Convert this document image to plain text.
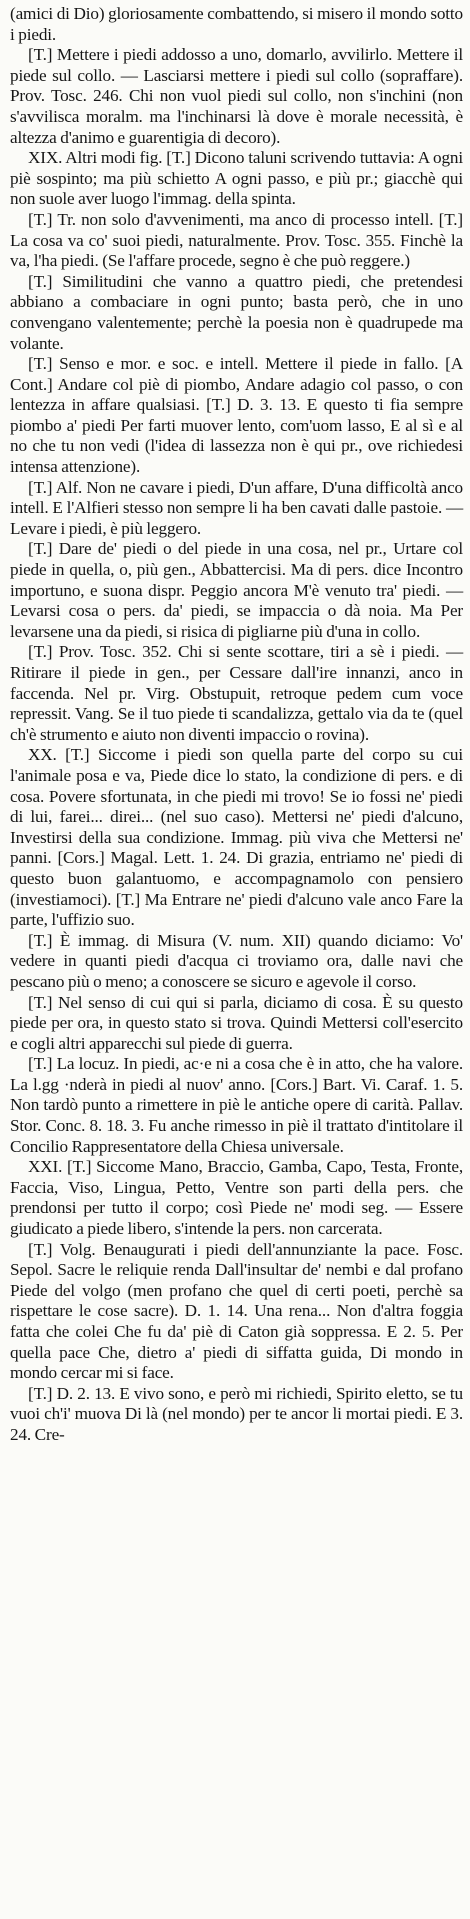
(amici di Dio) gloriosamente combattendo, si misero il mondo sotto i piedi.

[T.] Mettere i piedi addosso a uno, domarlo, avvilirlo. Mettere il piede sul collo. — Lasciarsi mettere i piedi sul collo (sopraffare). Prov. Tosc. 246. Chi non vuol piedi sul collo, non s'inchini (non s'avvilisca moralm. ma l'inchinarsi là dove è morale necessità, è altezza d'animo e guarentigia di decoro).

XIX. Altri modi fig. [T.] Dicono taluni scrivendo tuttavia: A ogni piè sospinto; ma più schietto A ogni passo, e più pr.; giacchè qui non suole aver luogo l'immag. della spinta.

[T.] Tr. non solo d'avvenimenti, ma anco di processo intell. [T.] La cosa va co' suoi piedi, naturalmente. Prov. Tosc. 355. Finchè la va, l'ha piedi. (Se l'affare procede, segno è che può reggere.)

[T.] Similitudini che vanno a quattro piedi, che pretendesi abbiano a combaciare in ogni punto; basta però, che in uno convengano valentemente; perchè la poesia non è quadrupede ma volante.

[T.] Senso e mor. e soc. e intell. Mettere il piede in fallo. [A Cont.] Andare col piè di piombo, Andare adagio col passo, o con lentezza in affare qualsiasi. [T.] D. 3. 13. E questo ti fia sempre piombo a' piedi Per farti muover lento, com'uom lasso, E al sì e al no che tu non vedi (l'idea di lassezza non è qui pr., ove richiedesi intensa attenzione).

[T.] Alf. Non ne cavare i piedi, D'un affare, D'una difficoltà anco intell. E l'Alfieri stesso non sempre li ha ben cavati dalle pastoie. — Levare i piedi, è più leggero.

[T.] Dare de' piedi o del piede in una cosa, nel pr., Urtare col piede in quella, o, più gen., Abbattercisi. Ma di pers. dice Incontro importuno, e suona dispr. Peggio ancora M'è venuto tra' piedi. — Levarsi cosa o pers. da' piedi, se impaccia o dà noia. Ma Per levarsene una da piedi, si risica di pigliarne più d'una in collo.

[T.] Prov. Tosc. 352. Chi si sente scottare, tiri a sè i piedi. — Ritirare il piede in gen., per Cessare dall'ire innanzi, anco in faccenda. Nel pr. Virg. Obstupuit, retroque pedem cum voce repressit. Vang. Se il tuo piede ti scandalizza, gettalo via da te (quel ch'è strumento e aiuto non diventi impaccio o rovina).

XX. [T.] Siccome i piedi son quella parte del corpo su cui l'animale posa e va, Piede dice lo stato, la condizione di pers. e di cosa. Povere sfortunata, in che piedi mi trovo! Se io fossi ne' piedi di lui, farei... direi... (nel suo caso). Mettersi ne' piedi d'alcuno, Investirsi della sua condizione. Immag. più viva che Mettersi ne' panni. [Cors.] Magal. Lett. 1. 24. Di grazia, entriamo ne' piedi di questo buon galantuomo, e accompagnamolo con pensiero (investiamoci). [T.] Ma Entrare ne' piedi d'alcuno vale anco Fare la parte, l'uffizio suo.

[T.] È immag. di Misura (V. num. XII) quando diciamo: Vo' vedere in quanti piedi d'acqua ci troviamo ora, dalle navi che pescano più o meno; a conoscere se sicuro e agevole il corso.

[T.] Nel senso di cui qui si parla, diciamo di cosa. È su questo piede per ora, in questo stato si trova. Quindi Mettersi coll'esercito e cogli altri apparecchi sul piede di guerra.

[T.] La locuz. In piedi, ac·e ni a cosa che è in atto, che ha valore. La l.gg ·nderà in piedi al nuov' anno. [Cors.] Bart. Vi. Caraf. 1. 5. Non tardò punto a rimettere in piè le antiche opere di carità. Pallav. Stor. Conc. 8. 18. 3. Fu anche rimesso in piè il trattato d'intitolare il Concilio Rappresentatore della Chiesa universale.

XXI. [T.] Siccome Mano, Braccio, Gamba, Capo, Testa, Fronte, Faccia, Viso, Lingua, Petto, Ventre son parti della pers. che prendonsi per tutto il corpo; così Piede ne' modi seg. — Essere giudicato a piede libero, s'intende la pers. non carcerata.

[T.] Volg. Benaugurati i piedi dell'annunziante la pace. Fosc. Sepol. Sacre le reliquie renda Dall'insultar de' nembi e dal profano Piede del volgo (men profano che quel di certi poeti, perchè sa rispettare le cose sacre). D. 1. 14. Una rena... Non d'altra foggia fatta che colei Che fu da' piè di Caton già soppressa. E 2. 5. Per quella pace Che, dietro a' piedi di siffatta guida, Di mondo in mondo cercar mi si face.

[T.] D. 2. 13. E vivo sono, e però mi richiedi, Spirito eletto, se tu vuoi ch'i' muova Di là (nel mondo) per te ancor li mortai piedi. E 3. 24. Cre-
